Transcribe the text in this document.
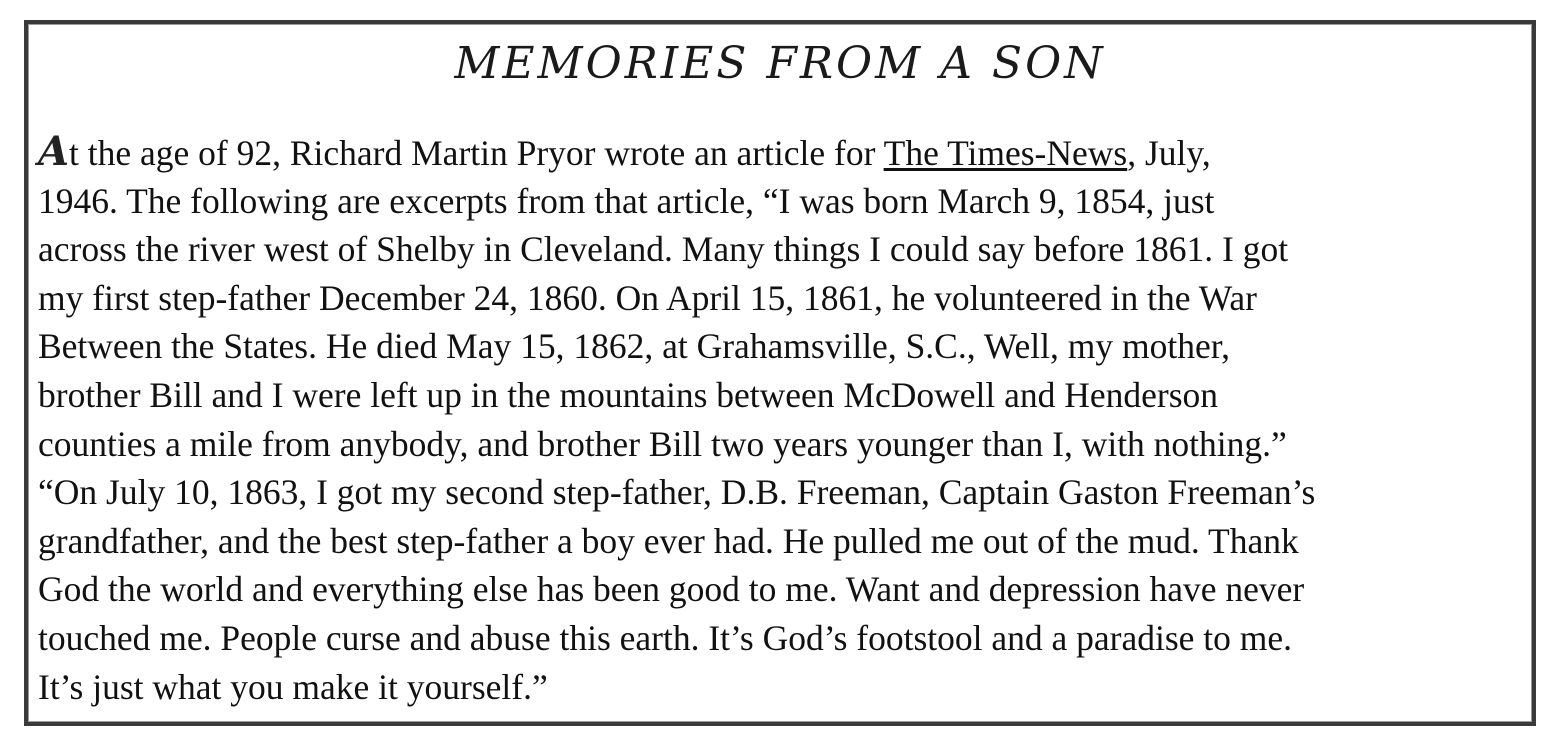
MEMORIES FROM A SON
At the age of 92, Richard Martin Pryor wrote an article for The Times-News, July,
1946. The following are excerpts from that article, “I was born March 9, 1854, just
across the river west of Shelby in Cleveland. Many things I could say before 1861. I got
my first step-father December 24, 1860. On April 15, 1861, he volunteered in the War
Between the States. He died May 15, 1862, at Grahamsville, S.C., Well, my mother,
brother Bill and I were left up in the mountains between McDowell and Henderson
counties a mile from anybody, and brother Bill two years younger than I, with nothing.”
“On July 10, 1863, I got my second step-father, D.B. Freeman, Captain Gaston Freeman’s
grandfather, and the best step-father a boy ever had. He pulled me out of the mud. Thank
God the world and everything else has been good to me. Want and depression have never
touched me. People curse and abuse this earth. It’s God’s footstool and a paradise to me.
It’s just what you make it yourself.”
